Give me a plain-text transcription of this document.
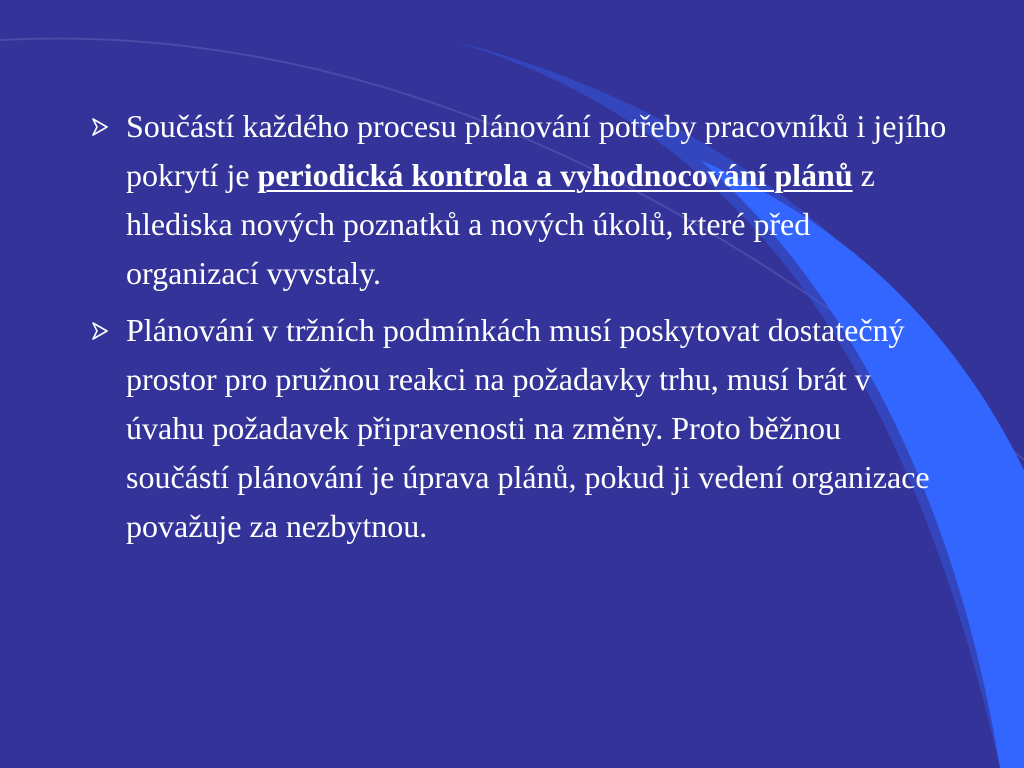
Součástí každého procesu plánování potřeby pracovníků i jejího pokrytí je periodická kontrola a vyhodnocování plánů z hlediska nových poznatků a nových úkolů, které před organizací vyvstaly.

Plánování v tržních podmínkách musí poskytovat dostatečný prostor pro pružnou reakci na požadavky trhu, musí brát v úvahu požadavek připravenosti na změny. Proto běžnou součástí plánování je úprava plánů, pokud ji vedení organizace považuje za nezbytnou.
